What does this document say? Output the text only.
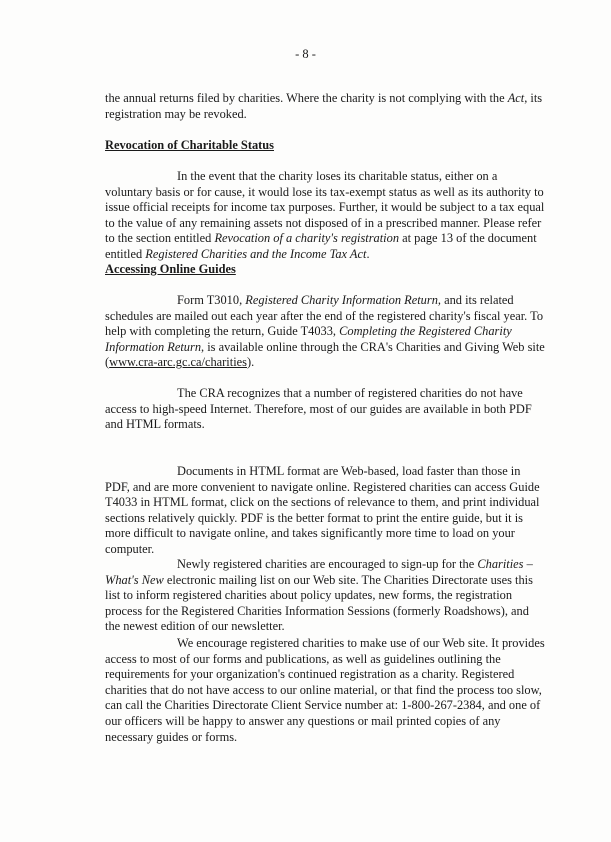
- 8 -

the annual returns filed by charities. Where the charity is not complying with the Act, its registration may be revoked.

Revocation of Charitable Status

In the event that the charity loses its charitable status, either on a voluntary basis or for cause, it would lose its tax-exempt status as well as its authority to issue official receipts for income tax purposes. Further, it would be subject to a tax equal to the value of any remaining assets not disposed of in a prescribed manner. Please refer to the section entitled Revocation of a charity's registration at page 13 of the document entitled Registered Charities and the Income Tax Act.

Accessing Online Guides

Form T3010, Registered Charity Information Return, and its related schedules are mailed out each year after the end of the registered charity's fiscal year. To help with completing the return, Guide T4033, Completing the Registered Charity Information Return, is available online through the CRA's Charities and Giving Web site (www.cra-arc.gc.ca/charities).

The CRA recognizes that a number of registered charities do not have access to high-speed Internet. Therefore, most of our guides are available in both PDF and HTML formats.

Documents in HTML format are Web-based, load faster than those in PDF, and are more convenient to navigate online. Registered charities can access Guide T4033 in HTML format, click on the sections of relevance to them, and print individual sections relatively quickly. PDF is the better format to print the entire guide, but it is more difficult to navigate online, and takes significantly more time to load on your computer.

Newly registered charities are encouraged to sign-up for the Charities – What's New electronic mailing list on our Web site. The Charities Directorate uses this list to inform registered charities about policy updates, new forms, the registration process for the Registered Charities Information Sessions (formerly Roadshows), and the newest edition of our newsletter.

We encourage registered charities to make use of our Web site. It provides access to most of our forms and publications, as well as guidelines outlining the requirements for your organization's continued registration as a charity. Registered charities that do not have access to our online material, or that find the process too slow, can call the Charities Directorate Client Service number at: 1-800-267-2384, and one of our officers will be happy to answer any questions or mail printed copies of any necessary guides or forms.
